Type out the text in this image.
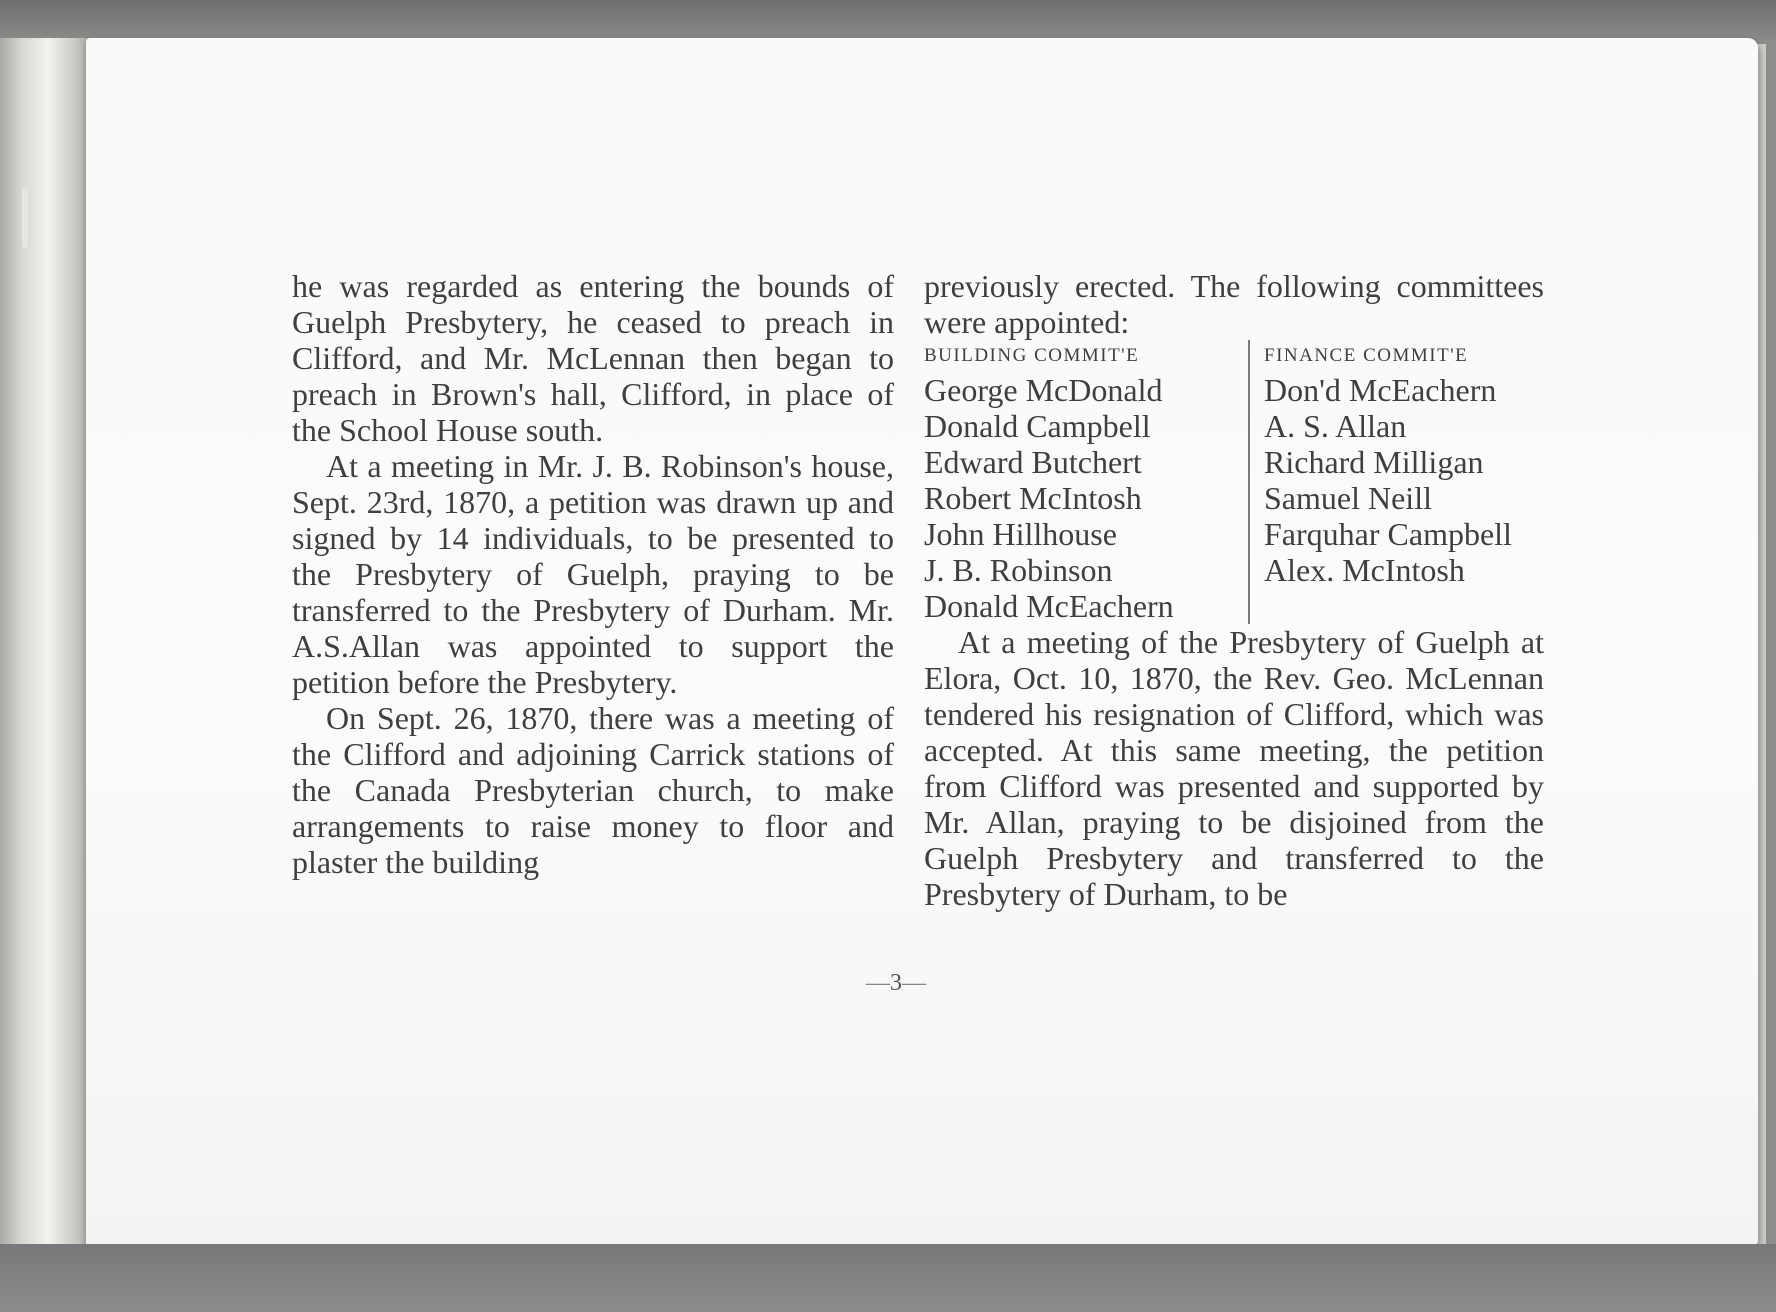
he was regarded as entering the bounds of Guelph Presbytery, he ceased to preach in Clifford, and Mr. McLennan then began to preach in Brown's hall, Clifford, in place of the School House south.

At a meeting in Mr. J. B. Robinson's house, Sept. 23rd, 1870, a petition was drawn up and signed by 14 individuals, to be presented to the Presbytery of Guelph, praying to be transferred to the Presbytery of Durham. Mr. A.S.Allan was appointed to support the petition before the Presbytery.

On Sept. 26, 1870, there was a meeting of the Clifford and adjoining Carrick stations of the Canada Presbyterian church, to make arrangements to raise money to floor and plaster the building

previously erected. The following committees were appointed:

BUILDING COMMIT'E
George McDonald
Donald Campbell
Edward Butchert
Robert McIntosh
John Hillhouse
J. B. Robinson
Donald McEachern
FINANCE COMMIT'E
Don'd McEachern
A. S. Allan
Richard Milligan
Samuel Neill
Farquhar Campbell
Alex. McIntosh

At a meeting of the Presbytery of Guelph at Elora, Oct. 10, 1870, the Rev. Geo. McLennan tendered his resignation of Clifford, which was accepted. At this same meeting, the petition from Clifford was presented and supported by Mr. Allan, praying to be disjoined from the Guelph Presbytery and transferred to the Presbytery of Durham, to be

— 3 —
